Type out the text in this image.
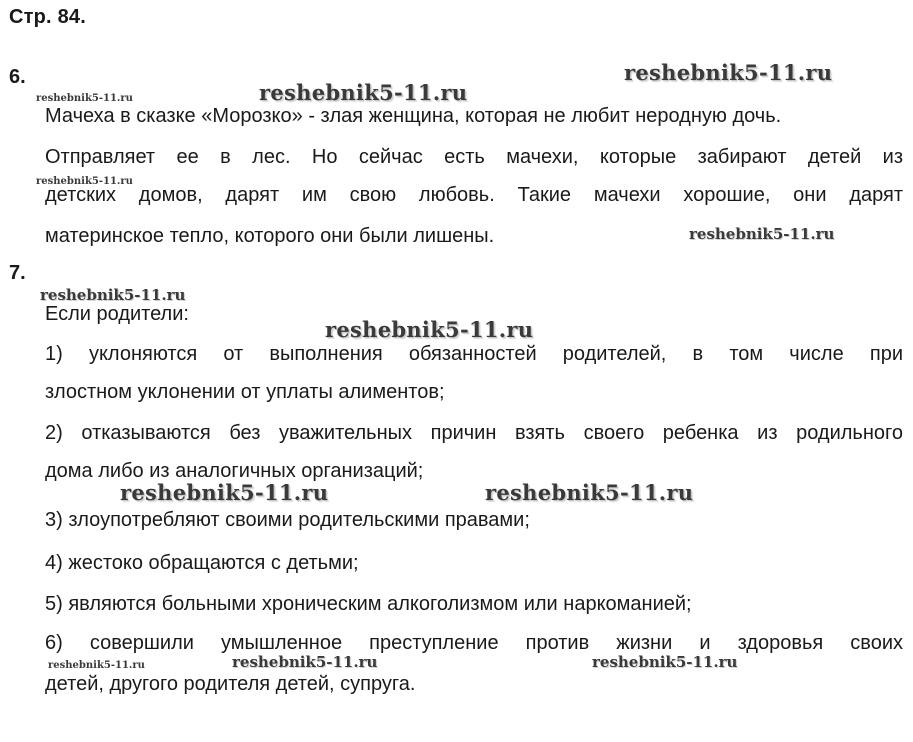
Стр. 84.
6.
Мачеха в сказке «Морозко» - злая женщина, которая не любит неродную дочь.
Отправляет ее в лес. Но сейчас есть мачехи, которые забирают детей из
детских домов, дарят им свою любовь. Такие мачехи хорошие, они дарят
материнское тепло, которого они были лишены.
7.
Если родители:
1) уклоняются от выполнения обязанностей родителей, в том числе при
злостном уклонении от уплаты алиментов;
2) отказываются без уважительных причин взять своего ребенка из родильного
дома либо из аналогичных организаций;
3) злоупотребляют своими родительскими правами;
4) жестоко обращаются с детьми;
5) являются больными хроническим алкоголизмом или наркоманией;
6) совершили умышленное преступление против жизни и здоровья своих
детей, другого родителя детей, супруга.
reshebnik5-11.ru
reshebnik5-11.ru
reshebnik5-11.ru
reshebnik5-11.ru
reshebnik5-11.ru
reshebnik5-11.ru
reshebnik5-11.ru
reshebnik5-11.ru	reshebnik5-11.ru
reshebnik5-11.ru	reshebnik5-11.ru	reshebnik5-11.ru
